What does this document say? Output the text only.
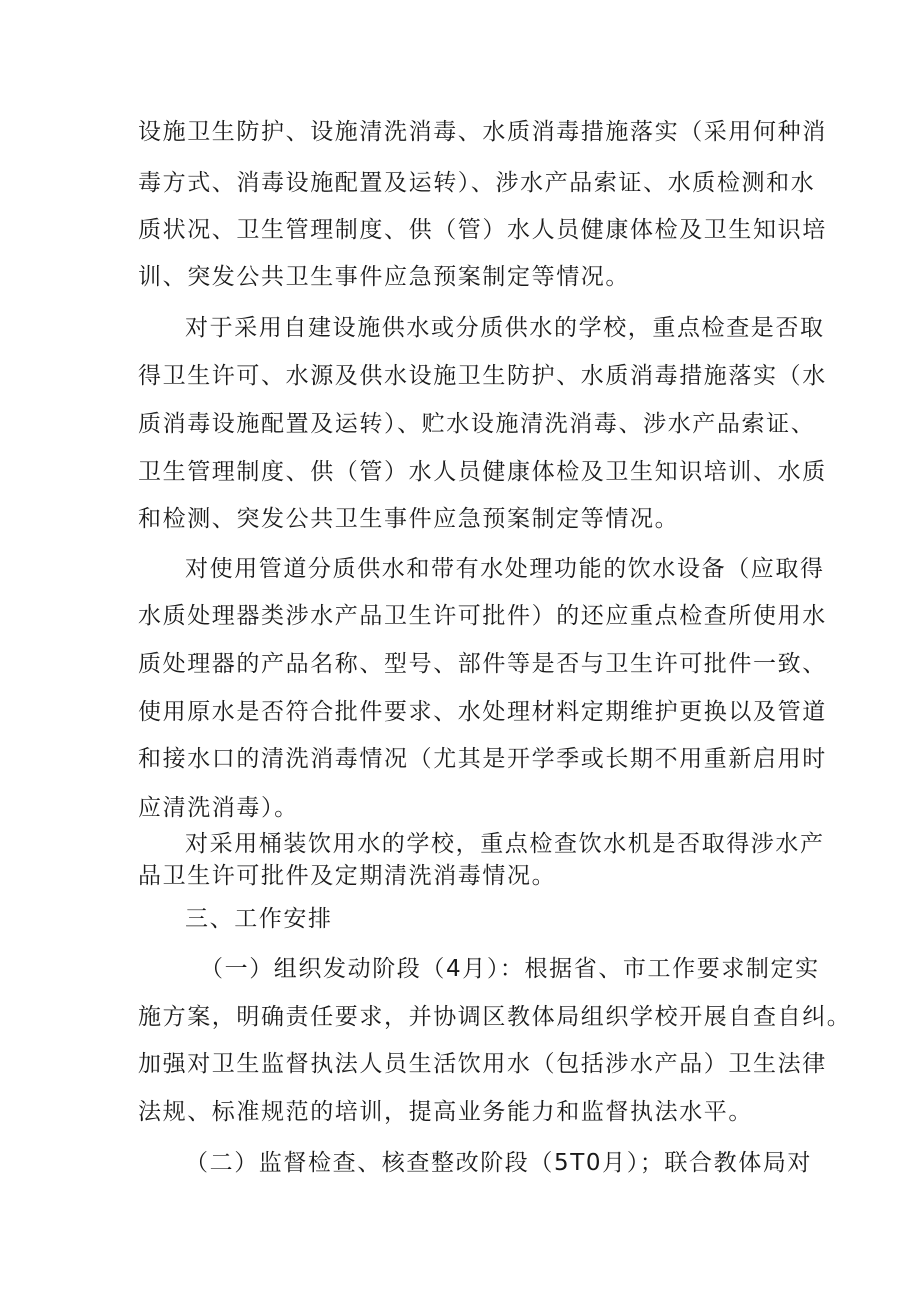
设施卫生防护、设施清洗消毒、水质消毒措施落实（采用何种消
毒方式、消毒设施配置及运转）、涉水产品索证、水质检测和水
质状况、卫生管理制度、供（管）水人员健康体检及卫生知识培
训、突发公共卫生事件应急预案制定等情况。
对于采用自建设施供水或分质供水的学校，重点检查是否取
得卫生许可、水源及供水设施卫生防护、水质消毒措施落实（水
质消毒设施配置及运转）、贮水设施清洗消毒、涉水产品索证、
卫生管理制度、供（管）水人员健康体检及卫生知识培训、水质
和检测、突发公共卫生事件应急预案制定等情况。
对使用管道分质供水和带有水处理功能的饮水设备（应取得
水质处理器类涉水产品卫生许可批件）的还应重点检查所使用水
质处理器的产品名称、型号、部件等是否与卫生许可批件一致、
使用原水是否符合批件要求、水处理材料定期维护更换以及管道
和接水口的清洗消毒情况（尤其是开学季或长期不用重新启用时
应清洗消毒）。
对采用桶装饮用水的学校，重点检查饮水机是否取得涉水产
品卫生许可批件及定期清洗消毒情况。
三、工作安排
（一）组织发动阶段（4月）：根据省、市工作要求制定实
施方案，明确责任要求，并协调区教体局组织学校开展自查自纠。
加强对卫生监督执法人员生活饮用水（包括涉水产品）卫生法律
法规、标准规范的培训，提高业务能力和监督执法水平。
（二）监督检查、核查整改阶段（5T0月）；联合教体局对
